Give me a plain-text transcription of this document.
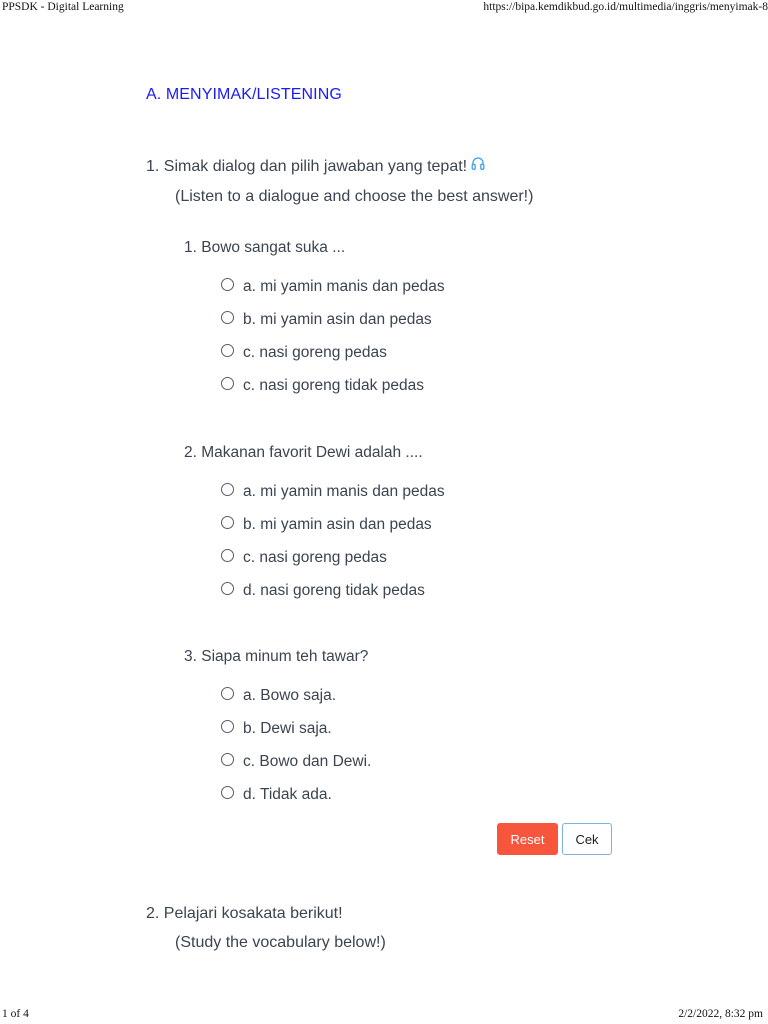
PPSDK - Digital Learning	https://bipa.kemdikbud.go.id/multimedia/inggris/menyimak-8
A. MENYIMAK/LISTENING
1. Simak dialog dan pilih jawaban yang tepat!
(Listen to a dialogue and choose the best answer!)
1. Bowo sangat suka ...
a. mi yamin manis dan pedas
b. mi yamin asin dan pedas
c. nasi goreng pedas
c. nasi goreng tidak pedas
2. Makanan favorit Dewi adalah ....
a. mi yamin manis dan pedas
b. mi yamin asin dan pedas
c. nasi goreng pedas
d. nasi goreng tidak pedas
3. Siapa minum teh tawar?
a. Bowo saja.
b. Dewi saja.
c. Bowo dan Dewi.
d. Tidak ada.
Reset	Cek
2. Pelajari kosakata berikut!
(Study the vocabulary below!)
1 of 4	2/2/2022, 8:32 pm
